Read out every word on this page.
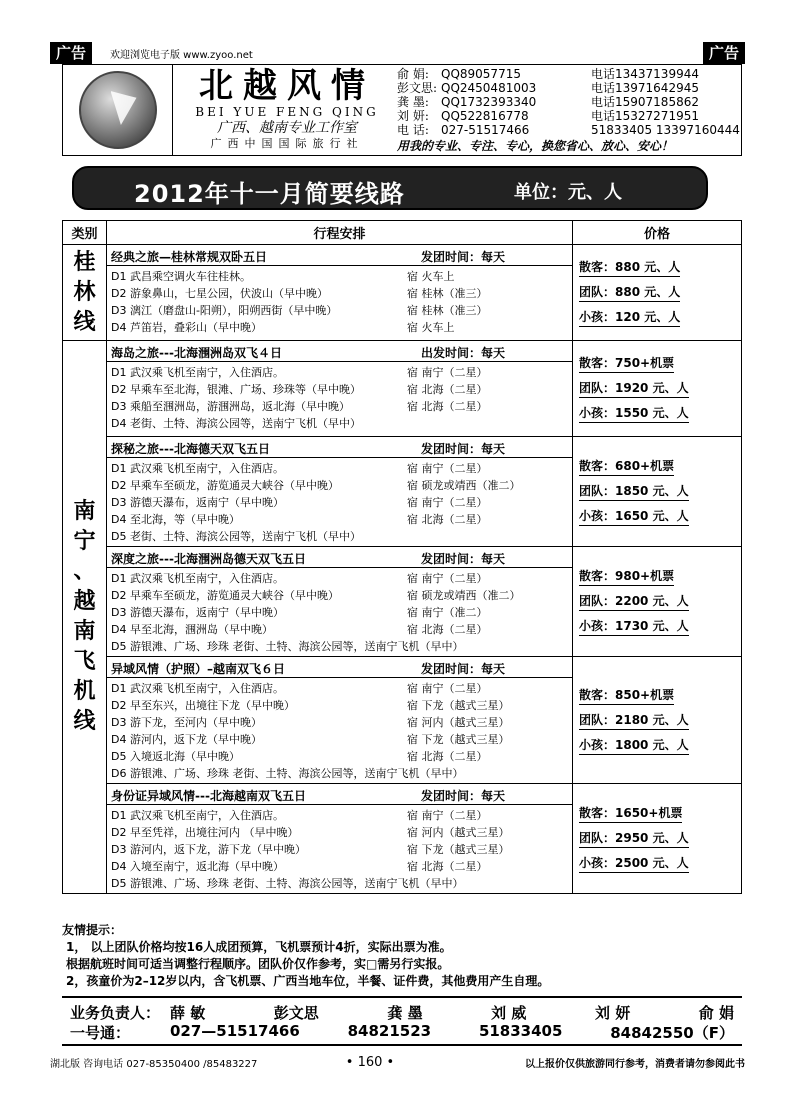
广告	欢迎浏览电子版 www.zyoo.net	广告
北越风情
BEI YUE FENG QING
广西、越南专业工作室
广西中国国际旅行社
俞 娟:	QQ89057715	电话13437139944
彭文思: QQ2450481003	电话13971642945
龚 墨:	QQ1732393340	电话15907185862
刘 妍:	QQ522816778	电话15327271951
电 话:	027-51517466	51833405 13397160444
用我的专业、专注、专心，换您省心、放心、安心！
2012年十一月简要线路	单位：元、人
类别	行程安排	价格
桂
林
线
经典之旅—桂林常规双卧五日	发团时间：每天
D1 武昌乘空调火车往桂林。	宿 火车上
D2 游象鼻山，七星公园，伏波山（早中晚）	宿 桂林（准三）
D3 漓江（磨盘山-阳朔），阳朔西街（早中晚）	宿 桂林（准三）
D4 芦笛岩，叠彩山（早中晚）	宿 火车上
散客：880 元、人
团队：880 元、人
小孩：120 元、人
南
宁
、
越
南
飞
机
线
海岛之旅---北海涠洲岛双飞４日	出发时间：每天
D1 武汉乘飞机至南宁，入住酒店。	宿 南宁（二星）
D2 早乘车至北海，银滩、广场、珍珠等（早中晚）	宿 北海（二星）
D3 乘船至涠洲岛，游涠洲岛，返北海（早中晚）	宿 北海（二星）
D4 老街、土特、海滨公园等，送南宁飞机（早中）
散客：750+机票
团队：1920 元、人
小孩：1550 元、人
探秘之旅---北海德天双飞五日	发团时间：每天
D1 武汉乘飞机至南宁，入住酒店。	宿 南宁（二星）
D2 早乘车至硕龙，游览通灵大峡谷（早中晚）	宿 硕龙或靖西（准二）
D3 游德天瀑布，返南宁（早中晚）	宿 南宁（二星）
D4 至北海，等（早中晚）	宿 北海（二星）
D5 老街、土特、海滨公园等，送南宁飞机（早中）
散客：680+机票
团队：1850 元、人
小孩：1650 元、人
深度之旅---北海涠洲岛德天双飞五日	发团时间：每天
D1 武汉乘飞机至南宁，入住酒店。	宿 南宁（二星）
D2 早乘车至硕龙，游览通灵大峡谷（早中晚）	宿 硕龙或靖西（准二）
D3 游德天瀑布，返南宁（早中晚）	宿 南宁（准二）
D4 早至北海，涠洲岛（早中晚）	宿 北海（二星）
D5 游银滩、广场、珍珠 老街、土特、海滨公园等，送南宁飞机（早中）
散客：980+机票
团队：2200 元、人
小孩：1730 元、人
异域风情（护照）–越南双飞６日	发团时间：每天
D1 武汉乘飞机至南宁，入住酒店。	宿 南宁（二星）
D2 早至东兴，出境往下龙（早中晚）	宿 下龙（越式三星）
D3 游下龙，至河内（早中晚）	宿 河内（越式三星）
D4 游河内，返下龙（早中晚）	宿 下龙（越式三星）
D5 入境返北海（早中晚）	宿 北海（二星）
D6 游银滩、广场、珍珠 老街、土特、海滨公园等，送南宁飞机（早中）
散客：850+机票
团队：2180 元、人
小孩：1800 元、人
身份证异域风情---北海越南双飞五日	发团时间：每天
D1 武汉乘飞机至南宁，入住酒店。	宿 南宁（二星）
D2 早至凭祥，出境往河内 （早中晚）	宿 河内（越式三星）
D3 游河内，返下龙，游下龙（早中晚）	宿 下龙（越式三星）
D4 入境至南宁，返北海（早中晚）	宿 北海（二星）
D5 游银滩、广场、珍珠 老街、土特、海滨公园等，送南宁飞机（早中）
散客：1650+机票
团队：2950 元、人
小孩：2500 元、人
友情提示：
1， 以上团队价格均按16人成团预算，飞机票预计4折，实际出票为准。
根据航班时间可适当调整行程顺序。团队价仅作参考，实□需另行实报。
2，孩童价为2–12岁以内，含飞机票、广西当地车位，半餐、证件费，其他费用产生自理。
业务负责人： 薛 敏	彭文思	龚 墨	刘 威	刘 妍	俞 娟
一号通：	027—51517466	84821523	51833405	84842550（F）
湖北版 咨询电话 027-85350400 /85483227	• 160 •	以上报价仅供旅游同行参考，消费者请勿参阅此书
